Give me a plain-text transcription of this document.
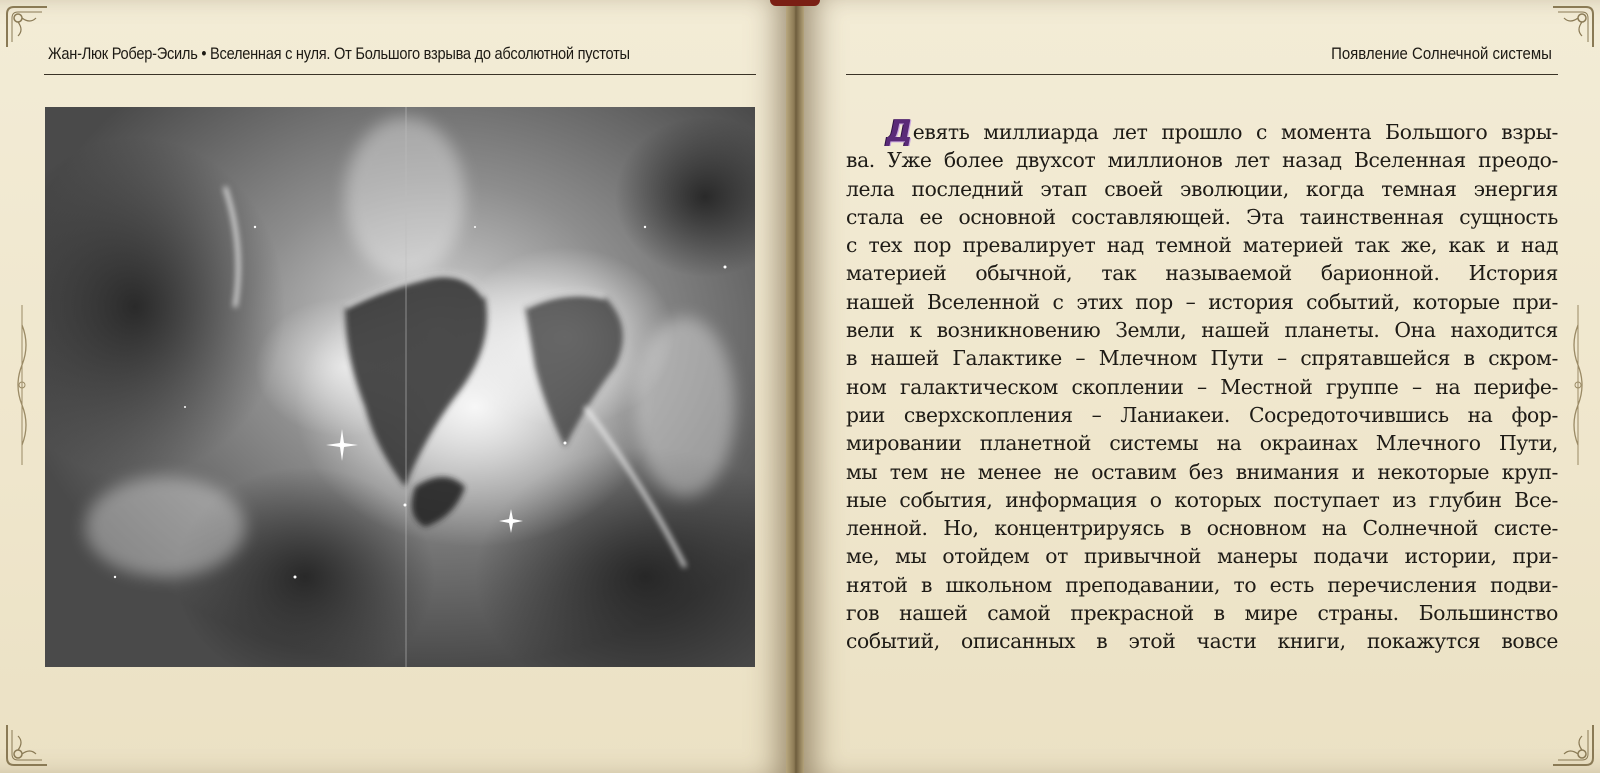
Жан-Люк Робер-Эсиль • Вселенная с нуля. От Большого взрыва до абсолютной пустоты	Появление Солнечной системы
Девять миллиарда лет прошло с момента Большого взры-
ва. Уже более двухсот миллионов лет назад Вселенная преодо-
лела последний этап своей эволюции, когда темная энергия
стала ее основной составляющей. Эта таинственная сущность
с тех пор превалирует над темной материей так же, как и над
материей обычной, так называемой барионной. История
нашей Вселенной с этих пор – история событий, которые при-
вели к возникновению Земли, нашей планеты. Она находится
в нашей Галактике – Млечном Пути – спрятавшейся в скром-
ном галактическом скоплении – Местной группе – на перифе-
рии сверхскопления – Ланиакеи. Сосредоточившись на фор-
мировании планетной системы на окраинах Млечного Пути,
мы тем не менее не оставим без внимания и некоторые круп-
ные события, информация о которых поступает из глубин Все-
ленной. Но, концентрируясь в основном на Солнечной систе-
ме, мы отойдем от привычной манеры подачи истории, при-
нятой в школьном преподавании, то есть перечисления подви-
гов нашей самой прекрасной в мире страны. Большинство
событий, описанных в этой части книги, покажутся вовсе
